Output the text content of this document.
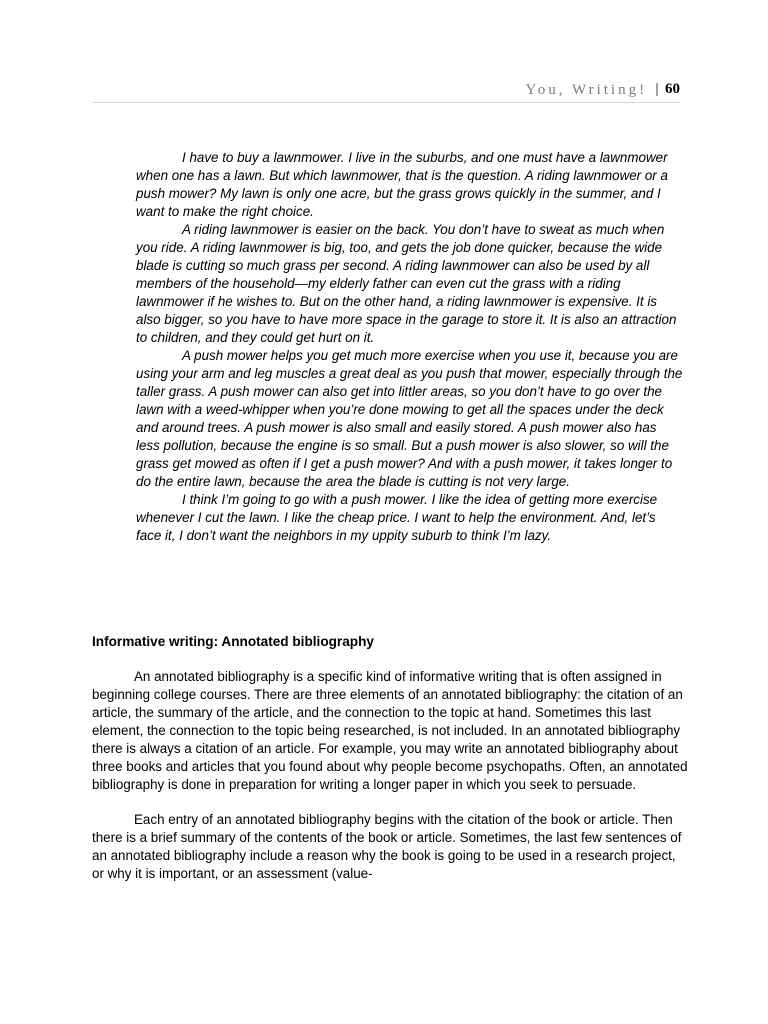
You, Writing! | 60

I have to buy a lawnmower. I live in the suburbs, and one must have a lawnmower when one has a lawn. But which lawnmower, that is the question. A riding lawnmower or a push mower? My lawn is only one acre, but the grass grows quickly in the summer, and I want to make the right choice.

A riding lawnmower is easier on the back. You don’t have to sweat as much when you ride. A riding lawnmower is big, too, and gets the job done quicker, because the wide blade is cutting so much grass per second. A riding lawnmower can also be used by all members of the household—my elderly father can even cut the grass with a riding lawnmower if he wishes to. But on the other hand, a riding lawnmower is expensive. It is also bigger, so you have to have more space in the garage to store it. It is also an attraction to children, and they could get hurt on it.

A push mower helps you get much more exercise when you use it, because you are using your arm and leg muscles a great deal as you push that mower, especially through the taller grass. A push mower can also get into littler areas, so you don’t have to go over the lawn with a weed-whipper when you’re done mowing to get all the spaces under the deck and around trees. A push mower is also small and easily stored. A push mower also has less pollution, because the engine is so small. But a push mower is also slower, so will the grass get mowed as often if I get a push mower? And with a push mower, it takes longer to do the entire lawn, because the area the blade is cutting is not very large.

I think I’m going to go with a push mower. I like the idea of getting more exercise whenever I cut the lawn. I like the cheap price. I want to help the environment. And, let’s face it, I don’t want the neighbors in my uppity suburb to think I’m lazy.

Informative writing: Annotated bibliography

An annotated bibliography is a specific kind of informative writing that is often assigned in beginning college courses. There are three elements of an annotated bibliography: the citation of an article, the summary of the article, and the connection to the topic at hand. Sometimes this last element, the connection to the topic being researched, is not included. In an annotated bibliography there is always a citation of an article. For example, you may write an annotated bibliography about three books and articles that you found about why people become psychopaths. Often, an annotated bibliography is done in preparation for writing a longer paper in which you seek to persuade.

Each entry of an annotated bibliography begins with the citation of the book or article. Then there is a brief summary of the contents of the book or article. Sometimes, the last few sentences of an annotated bibliography include a reason why the book is going to be used in a research project, or why it is important, or an assessment (value-
